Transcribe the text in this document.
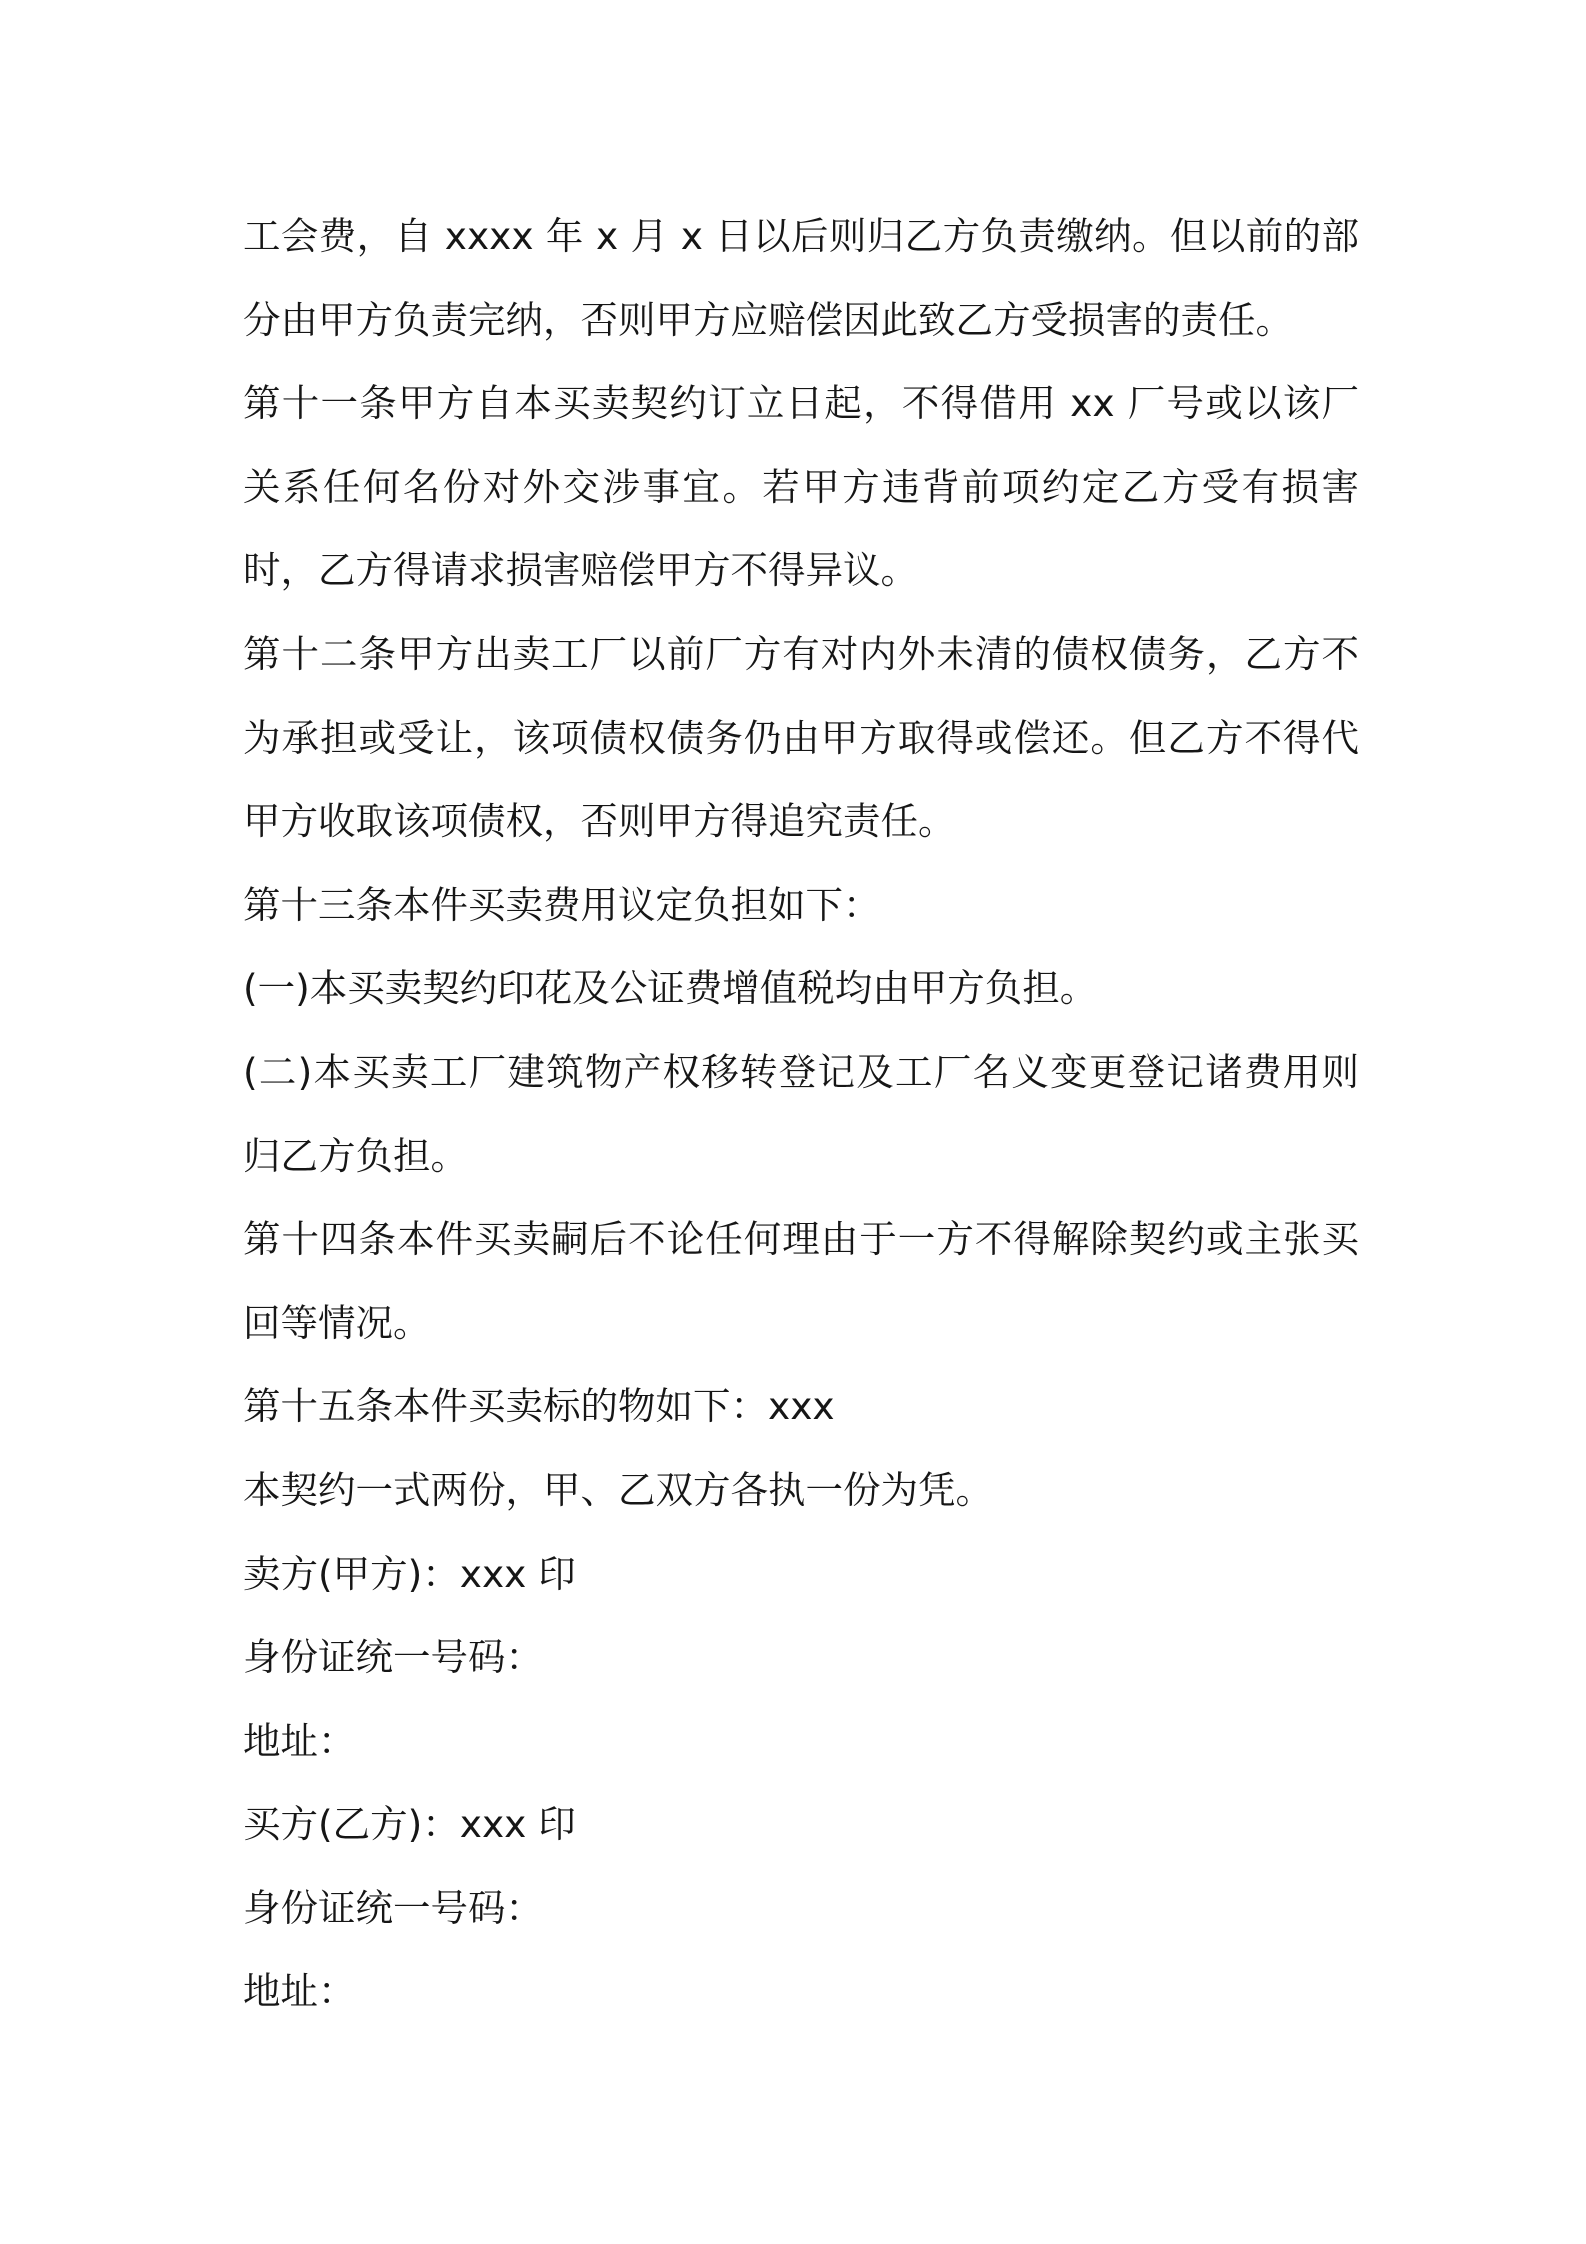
工会费，自 xxxx 年 x 月 x 日以后则归乙方负责缴纳。但以前的部分由甲方负责完纳，否则甲方应赔偿因此致乙方受损害的责任。

第十一条甲方自本买卖契约订立日起，不得借用 xx 厂号或以该厂关系任何名份对外交涉事宜。若甲方违背前项约定乙方受有损害时，乙方得请求损害赔偿甲方不得异议。

第十二条甲方出卖工厂以前厂方有对内外未清的债权债务，乙方不为承担或受让，该项债权债务仍由甲方取得或偿还。但乙方不得代甲方收取该项债权，否则甲方得追究责任。

第十三条本件买卖费用议定负担如下：

(一)本买卖契约印花及公证费增值税均由甲方负担。

(二)本买卖工厂建筑物产权移转登记及工厂名义变更登记诸费用则归乙方负担。

第十四条本件买卖嗣后不论任何理由于一方不得解除契约或主张买回等情况。

第十五条本件买卖标的物如下：xxx

本契约一式两份，甲、乙双方各执一份为凭。

卖方(甲方)：xxx 印

身份证统一号码：

地址：

买方(乙方)：xxx 印

身份证统一号码：

地址：
